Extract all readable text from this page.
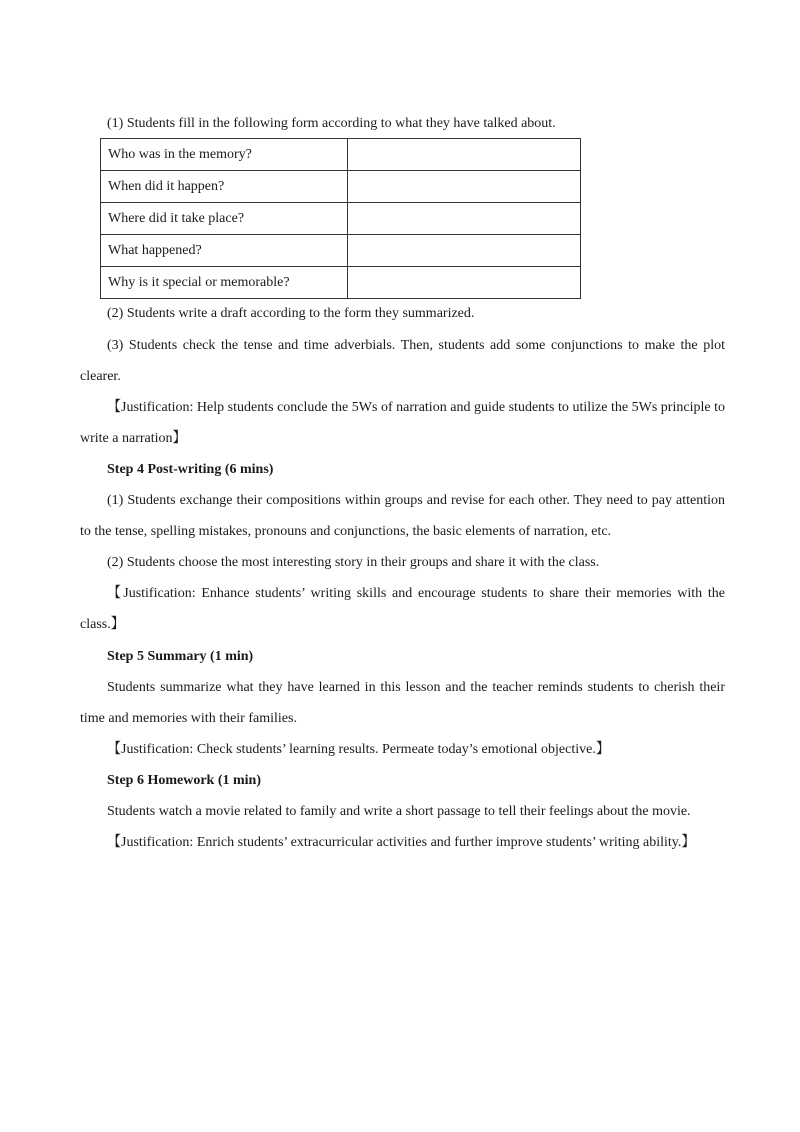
(1) Students fill in the following form according to what they have talked about.
Who was in the memory?	
When did it happen?	
Where did it take place?	
What happened?	
Why is it special or memorable?	
(2) Students write a draft according to the form they summarized.
(3) Students check the tense and time adverbials. Then, students add some conjunctions to make the plot
clearer.
【Justification: Help students conclude the 5Ws of narration and guide students to utilize the 5Ws principle to
write a narration】
Step 4 Post-writing (6 mins)
(1) Students exchange their compositions within groups and revise for each other. They need to pay attention
to the tense, spelling mistakes, pronouns and conjunctions, the basic elements of narration, etc.
(2) Students choose the most interesting story in their groups and share it with the class.
【Justification: Enhance students’ writing skills and encourage students to share their memories with the
class.】
Step 5 Summary (1 min)
Students summarize what they have learned in this lesson and the teacher reminds students to cherish their
time and memories with their families.
【Justification: Check students’ learning results. Permeate today’s emotional objective.】
Step 6 Homework (1 min)
Students watch a movie related to family and write a short passage to tell their feelings about the movie.
【Justification: Enrich students’ extracurricular activities and further improve students’ writing ability.】
